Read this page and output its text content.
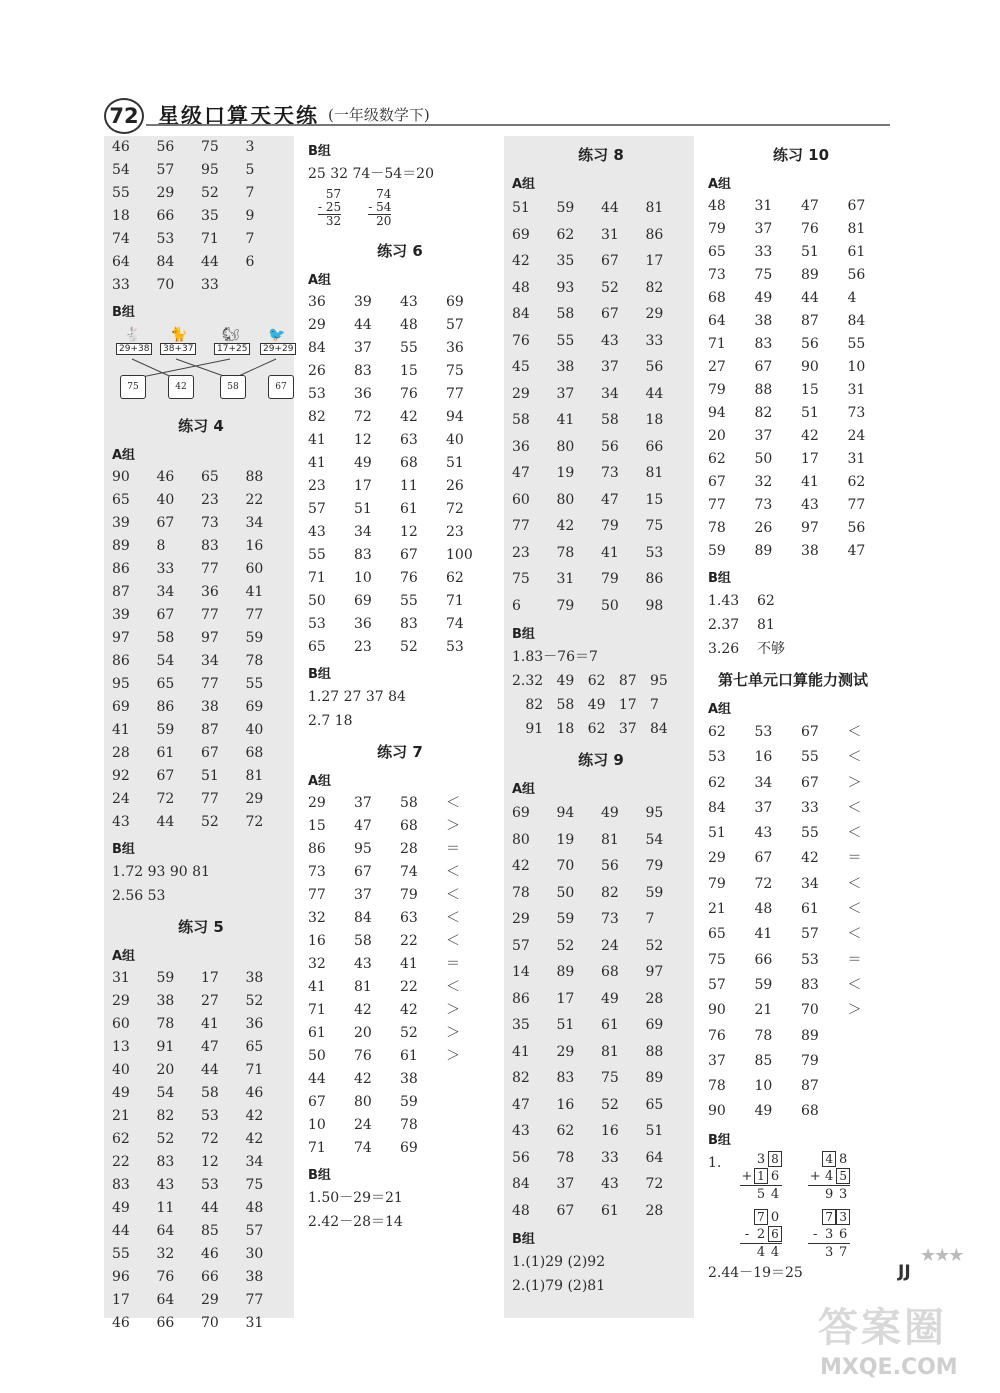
72 星级口算天天练 (一年级数学下)
46	56	75	3
54	57	95	5
55	29	52	7
18	66	35	9
74	53	71	7
64	84	44	6
33	70	33
B组
🐇 🐈 🐿 🐦
29+38	38+37	17+25	29+29
75	42	58	67
练习 4
A组
90	46	65	88
65	40	23	22
39	67	73	34
89	8	83	16
86	33	77	60
87	34	36	41
39	67	77	77
97	58	97	59
86	54	34	78
95	65	77	55
69	86	38	69
41	59	87	40
28	61	67	68
92	67	51	81
24	72	77	29
43	44	52	72
B组
1.72 93 90 81
2.56 53
练习 5
A组
31	59	17	38
29	38	27	52
60	78	41	36
13	91	47	65
40	20	44	71
49	54	58	46
21	82	53	42
62	52	72	42
22	83	12	34
83	43	53	75
49	11	44	48
44	64	85	57
55	32	46	30
96	76	66	38
17	64	29	77
46	66	70	31
B组
25 32 74－54＝20
57
- 25
32

74
- 54
20
练习 6
A组
36	39	43	69
29	44	48	57
84	37	55	36
26	83	15	75
53	36	76	77
82	72	42	94
41	12	63	40
41	49	68	51
23	17	11	26
57	51	61	72
43	34	12	23
55	83	67	100
71	10	76	62
50	69	55	71
53	36	83	74
65	23	52	53
B组
1.27 27 37 84
2.7 18
练习 7
A组
29	37	58	＜
15	47	68	＞
86	95	28	＝
73	67	74	＜
77	37	79	＜
32	84	63	＜
16	58	22	＜
32	43	41	＝
41	81	22	＜
71	42	42	＞
61	20	52	＞
50	76	61	＞
44	42	38
67	80	59
10	24	78
71	74	69
B组
1.50－29＝21
2.42－28＝14
练习 8
A组
51	59	44	81
69	62	31	86
42	35	67	17
48	93	52	82
84	58	67	29
76	55	43	33
45	38	37	56
29	37	34	44
58	41	58	18
36	80	56	66
47	19	73	81
60	80	47	15
77	42	79	75
23	78	41	53
75	31	79	86
6	79	50	98
B组
1.83－76＝7
2.32   49   62   87   95
82   58   49   17   7
91   18   62   37   84
练习 9
A组
69	94	49	95
80	19	81	54
42	70	56	79
78	50	82	59
29	59	73	7
57	52	24	52
14	89	68	97
86	17	49	28
35	51	61	69
41	29	81	88
82	83	75	89
47	16	52	65
43	62	16	51
56	78	33	64
84	37	43	72
48	67	61	28
B组
1.(1)29 (2)92
2.(1)79 (2)81
练习 10
A组
48	31	47	67
79	37	76	81
65	33	51	61
73	75	89	56
68	49	44	4
64	38	87	84
71	83	56	55
27	67	90	10
79	88	15	31
94	82	51	73
20	37	42	24
62	50	17	31
67	32	41	62
77	73	43	77
78	26	97	56
59	89	38	47
B组
1.43    62
2.37    81
3.26    不够
第七单元口算能力测试
A组
62	53	67	＜
53	16	55	＜
62	34	67	＞
84	37	33	＜
51	43	55	＜
29	67	42	＝
79	72	34	＜
21	48	61	＜
65	41	57	＜
75	66	53	＝
57	59	83	＜
90	21	70	＞
76	78	89
37	85	79
78	10	87
90	49	68
B组
1.
		3	8
+	1	6
	5	4	4	8
+	4	5
	9	3
	7	0
-	2	6
	4	4	7	3
-	3	6
	3	7
2.44－19＝25
★★★
JJ
答案圈
MXQE.COM
